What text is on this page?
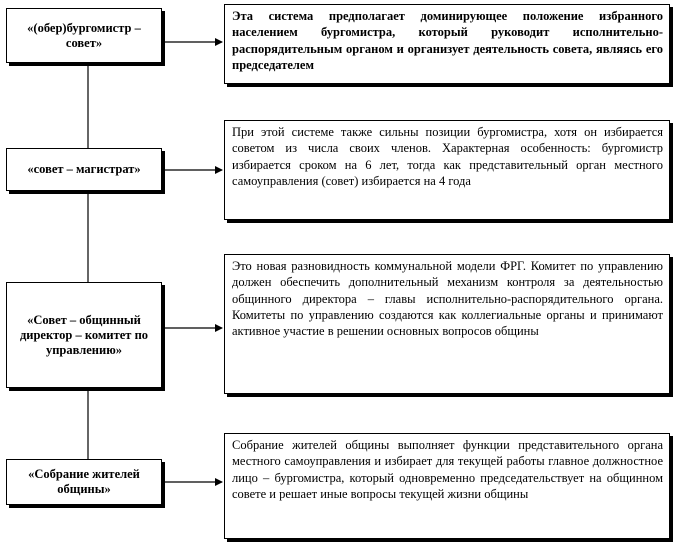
«(обер)бургомистр – совет»
Эта система предполагает доминирующее положение избранного населением бургомистра, который руководит исполнительно-распорядительным органом и организует деятельность совета, являясь его председателем
«совет – магистрат»
При этой системе также сильны позиции бургомистра, хотя он избирается советом из числа своих членов. Характерная особенность: бургомистр избирается сроком на 6 лет, тогда как представительный орган местного самоуправления (совет) избирается на 4 года
«Совет – общинный директор – комитет по управлению»
Это новая разновидность коммунальной модели ФРГ. Комитет по управлению должен обеспечить дополнительный механизм контроля за деятельностью общинного директора – главы исполнительно-распорядительного органа. Комитеты по управлению создаются как коллегиальные органы и принимают активное участие в решении основных вопросов общины
«Собрание жителей общины»
Собрание жителей общины выполняет функции представительного органа местного самоуправления и избирает для текущей работы главное должностное лицо – бургомистра, который одновременно председательствует на общинном совете и решает иные вопросы текущей жизни общины
